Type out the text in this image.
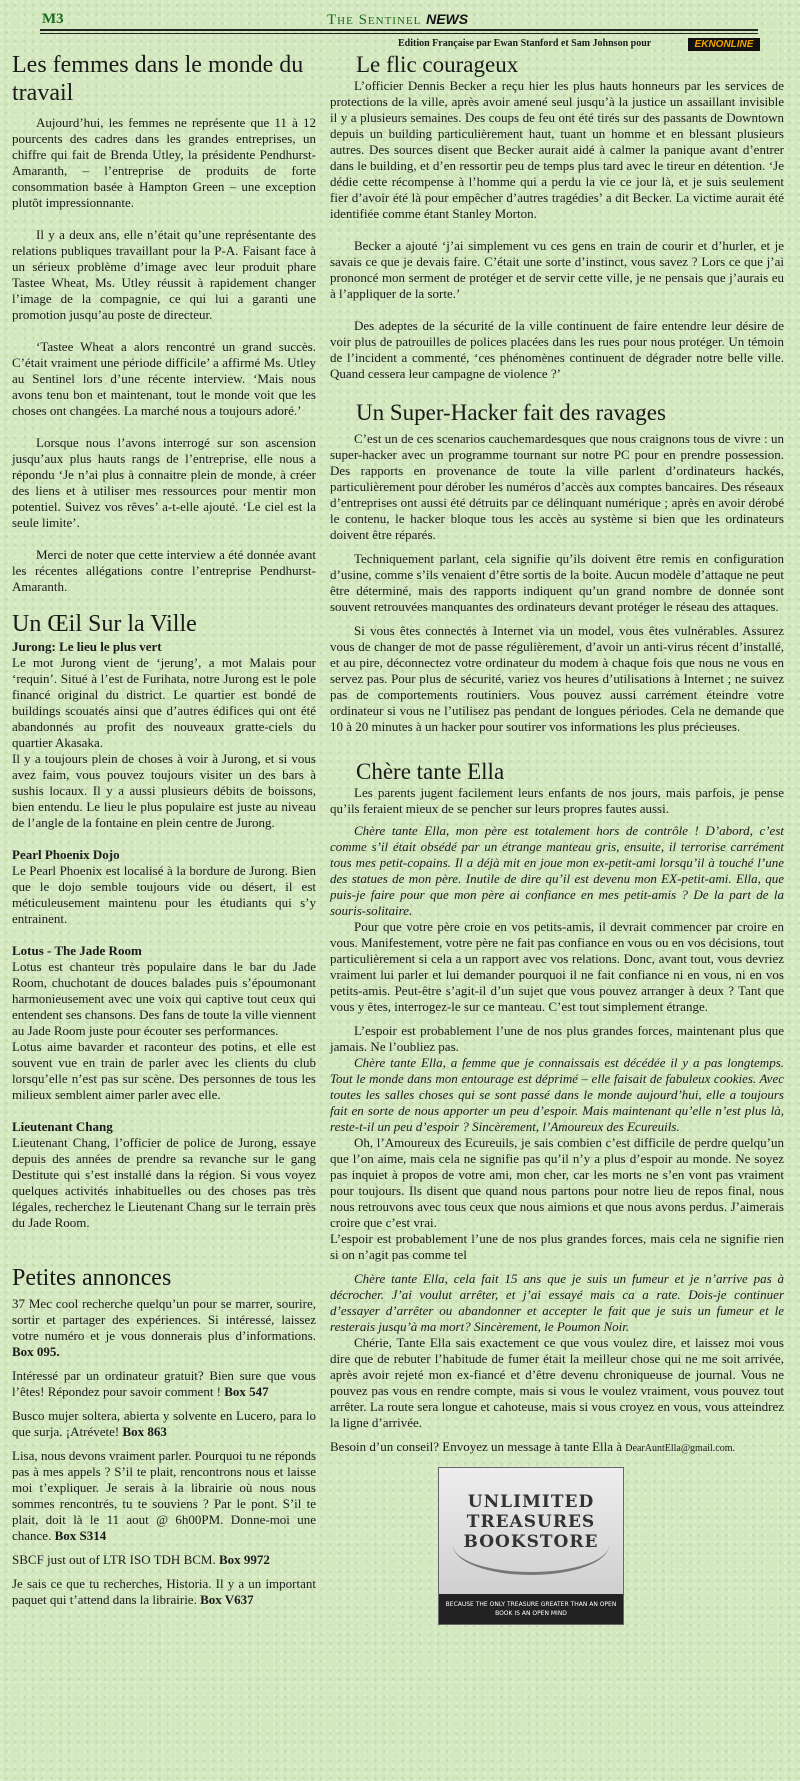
M3	The Sentinel NEWS
Edition Française par Ewan Stanford et Sam Johnson pour	EKNONLINE
Les femmes dans le monde du travail

Aujourd’hui, les femmes ne représente que 11 à 12 pourcents des cadres dans les grandes entreprises, un chiffre qui fait de Brenda Utley, la présidente Pendhurst-Amaranth, – l’entreprise de produits de forte consommation basée à Hampton Green – une exception plutôt impressionnante.

Il y a deux ans, elle n’était qu’une représentante des relations publiques travaillant pour la P-A. Faisant face à un sérieux problème d’image avec leur produit phare Tastee Wheat, Ms. Utley réussit à rapidement changer l’image de la compagnie, ce qui lui a garanti une promotion jusqu’au poste de directeur.

‘Tastee Wheat a alors rencontré un grand succès. C’était vraiment une période difficile’ a affirmé Ms. Utley au Sentinel lors d’une récente interview. ‘Mais nous avons tenu bon et maintenant, tout le monde voit que les choses ont changées. La marché nous a toujours adoré.’

Lorsque nous l’avons interrogé sur son ascension jusqu’aux plus hauts rangs de l’entreprise, elle nous a répondu ‘Je n’ai plus à connaitre plein de monde, à créer des liens et à utiliser mes ressources pour mentir mon potentiel. Suivez vos rêves’ a-t-elle ajouté. ‘Le ciel est la seule limite’.

Merci de noter que cette interview a été donnée avant les récentes allégations contre l’entreprise Pendhurst-Amaranth.

Un Œil Sur la Ville
Jurong: Le lieu le plus vert

Le mot Jurong vient de ‘jerung’, a mot Malais pour ‘requin’. Situé à l’est de Furihata, notre Jurong est le pole financé original du district. Le quartier est bondé de buildings scouatés ainsi que d’autres édifices qui ont été abandonnés au profit des nouveaux gratte-ciels du quartier Akasaka.

Il y a toujours plein de choses à voir à Jurong, et si vous avez faim, vous pouvez toujours visiter un des bars à sushis locaux. Il y a aussi plusieurs débits de boissons, bien entendu. Le lieu le plus populaire est juste au niveau de l’angle de la fontaine en plein centre de Jurong.

Pearl Phoenix Dojo

Le Pearl Phoenix est localisé à la bordure de Jurong. Bien que le dojo semble toujours vide ou désert, il est méticuleusement maintenu pour les étudiants qui s’y entrainent.

Lotus - The Jade Room

Lotus est chanteur très populaire dans le bar du Jade Room, chuchotant de douces balades puis s’époumonant harmonieusement avec une voix qui captive tout ceux qui entendent ses chansons. Des fans de toute la ville viennent au Jade Room juste pour écouter ses performances.

Lotus aime bavarder et raconteur des potins, et elle est souvent vue en train de parler avec les clients du club lorsqu’elle n’est pas sur scène. Des personnes de tous les milieux semblent aimer parler avec elle.

Lieutenant Chang

Lieutenant Chang, l’officier de police de Jurong, essaye depuis des années de prendre sa revanche sur le gang Destitute qui s’est installé dans la région. Si vous voyez quelques activités inhabituelles ou des choses pas très légales, recherchez le Lieutenant Chang sur le terrain près du Jade Room.

Petites annonces

37 Mec cool recherche quelqu’un pour se marrer, sourire, sortir et partager des expériences. Si intéressé, laissez votre numéro et je vous donnerais plus d’informations. Box 095.

Intéressé par un ordinateur gratuit? Bien sure que vous l’êtes! Répondez pour savoir comment ! Box 547

Busco mujer soltera, abierta y solvente en Lucero, para lo que surja. ¡Atrévete! Box 863

Lisa, nous devons vraiment parler. Pourquoi tu ne réponds pas à mes appels ? S’il te plait, rencontrons nous et laisse moi t’expliquer. Je serais à la librairie où nous nous sommes rencontrés, tu te souviens ? Par le pont. S’il te plait, doit là le 11 aout @ 6h00PM. Donne-moi une chance. Box S314

SBCF just out of LTR ISO TDH BCM. Box 9972

Je sais ce que tu recherches, Historia. Il y a un important paquet qui t’attend dans la librairie. Box V637

Le flic courageux

L’officier Dennis Becker a reçu hier les plus hauts honneurs par les services de protections de la ville, après avoir amené seul jusqu’à la justice un assaillant invisible il y a plusieurs semaines. Des coups de feu ont été tirés sur des passants de Downtown depuis un building particulièrement haut, tuant un homme et en blessant plusieurs autres. Des sources disent que Becker aurait aidé à calmer la panique avant d’entrer dans le building, et d’en ressortir peu de temps plus tard avec le tireur en détention. ‘Je dédie cette récompense à l’homme qui a perdu la vie ce jour là, et je suis seulement fier d’avoir été là pour empêcher d’autres tragédies’ a dit Becker. La victime aurait été identifiée comme étant Stanley Morton.

Becker a ajouté ‘j’ai simplement vu ces gens en train de courir et d’hurler, et je savais ce que je devais faire. C’était une sorte d’instinct, vous savez ? Lors ce que j’ai prononcé mon serment de protéger et de servir cette ville, je ne pensais que j’aurais eu à l’appliquer de la sorte.’

Des adeptes de la sécurité de la ville continuent de faire entendre leur désire de voir plus de patrouilles de polices placées dans les rues pour nous protéger. Un témoin de l’incident a commenté, ‘ces phénomènes continuent de dégrader notre belle ville. Quand cessera leur campagne de violence ?’

Un Super-Hacker fait des ravages

C’est un de ces scenarios cauchemardesques que nous craignons tous de vivre : un super-hacker avec un programme tournant sur notre PC pour en prendre possession. Des rapports en provenance de toute la ville parlent d’ordinateurs hackés, particulièrement pour dérober les numéros d’accès aux comptes bancaires. Des réseaux d’entreprises ont aussi été détruits par ce délinquant numérique ; après en avoir dérobé le contenu, le hacker bloque tous les accès au système si bien que les ordinateurs doivent être réparés.

Techniquement parlant, cela signifie qu’ils doivent être remis en configuration d’usine, comme s’ils venaient d’être sortis de la boite. Aucun modèle d’attaque ne peut être déterminé, mais des rapports indiquent qu’un grand nombre de donnée sont souvent retrouvées manquantes des ordinateurs devant protéger le réseau des attaques.

Si vous êtes connectés à Internet via un model, vous êtes vulnérables. Assurez vous de changer de mot de passe régulièrement, d’avoir un anti-virus récent d’installé, et au pire, déconnectez votre ordinateur du modem à chaque fois que nous ne vous en servez pas. Pour plus de sécurité, variez vos heures d’utilisations à Internet ; ne suivez pas de comportements routiniers. Vous pouvez aussi carrément éteindre votre ordinateur si vous ne l’utilisez pas pendant de longues périodes. Cela ne demande que 10 à 20 minutes à un hacker pour soutirer vos informations les plus précieuses.

Chère tante Ella

Les parents jugent facilement leurs enfants de nos jours, mais parfois, je pense qu’ils feraient mieux de se pencher sur leurs propres fautes aussi.

Chère tante Ella, mon père est totalement hors de contrôle ! D’abord, c’est comme s’il était obsédé par un étrange manteau gris, ensuite, il terrorise carrément tous mes petit-copains. Il a déjà mit en joue mon ex-petit-ami lorsqu’il à touché l’une des statues de mon père. Inutile de dire qu’il est devenu mon EX-petit-ami. Ella, que puis-je faire pour que mon père ai confiance en mes petit-amis ? De la part de la souris-solitaire.

Pour que votre père croie en vos petits-amis, il devrait commencer par croire en vous. Manifestement, votre père ne fait pas confiance en vous ou en vos décisions, tout particulièrement si cela a un rapport avec vos relations. Donc, avant tout, vous devriez vraiment lui parler et lui demander pourquoi il ne fait confiance ni en vous, ni en vos petits-amis. Peut-être s’agit-il d’un sujet que vous pouvez arranger à deux ? Tant que vous y êtes, interrogez-le sur ce manteau. C’est tout simplement étrange.

L’espoir est probablement l’une de nos plus grandes forces, maintenant plus que jamais. Ne l’oubliez pas.

Chère tante Ella, a femme que je connaissais est décédée il y a pas longtemps. Tout le monde dans mon entourage est déprimé – elle faisait de fabuleux cookies. Avec toutes les salles choses qui se sont passé dans le monde aujourd’hui, elle a toujours fait en sorte de nous apporter un peu d’espoir. Mais maintenant qu’elle n’est plus là, reste-t-il un peu d’espoir ? Sincèrement, l’Amoureux des Ecureuils.

Oh, l’Amoureux des Ecureuils, je sais combien c’est difficile de perdre quelqu’un que l’on aime, mais cela ne signifie pas qu’il n’y a plus d’espoir au monde. Ne soyez pas inquiet à propos de votre ami, mon cher, car les morts ne s’en vont pas vraiment pour toujours. Ils disent que quand nous partons pour notre lieu de repos final, nous nous retrouvons avec tous ceux que nous aimions et que nous avons perdus. J’aimerais croire que c’est vrai.

L’espoir est probablement l’une de nos plus grandes forces, mais cela ne signifie rien si on n’agit pas comme tel

Chère tante Ella, cela fait 15 ans que je suis un fumeur et je n’arrive pas à décrocher. J’ai voulut arrêter, et j’ai essayé mais ca a rate. Dois-je continuer d’essayer d’arrêter ou abandonner et accepter le fait que je suis un fumeur et le resterais jusqu’à ma mort? Sincèrement, le Poumon Noir.

Chérie, Tante Ella sais exactement ce que vous voulez dire, et laissez moi vous dire que de rebuter l’habitude de fumer était la meilleur chose qui ne me soit arrivée, après avoir rejeté mon ex-fiancé et d’être devenu chroniqueuse de journal. Vous ne pouvez pas vous en rendre compte, mais si vous le voulez vraiment, vous pouvez tout arrêter. La route sera longue et cahoteuse, mais si vous croyez en vous, vous atteindrez la ligne d’arrivée.

Besoin d’un conseil? Envoyez un message à tante Ella à DearAuntElla@gmail.com.

UNLIMITED
TREASURES
BOOKSTORE
BECAUSE THE ONLY TREASURE GREATER THAN AN OPEN BOOK IS AN OPEN MIND
